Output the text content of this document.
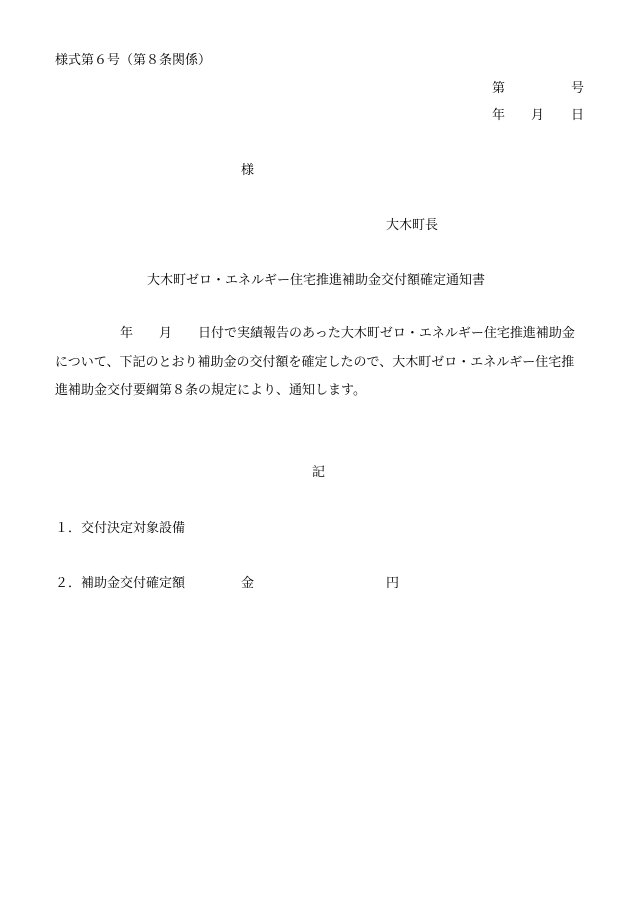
様式第６号（第８条関係）
第	号
年 月 日
様
大木町長
大木町ゼロ・エネルギー住宅推進補助金交付額確定通知書
　　　　　年　　月　　日付で実績報告のあった大木町ゼロ・エネルギー住宅推進補助金
について、下記のとおり補助金の交付額を確定したので、大木町ゼロ・エネルギー住宅推
進補助金交付要綱第８条の規定により、通知します。
記
１．交付決定対象設備
２．補助金交付確定額	金	円
